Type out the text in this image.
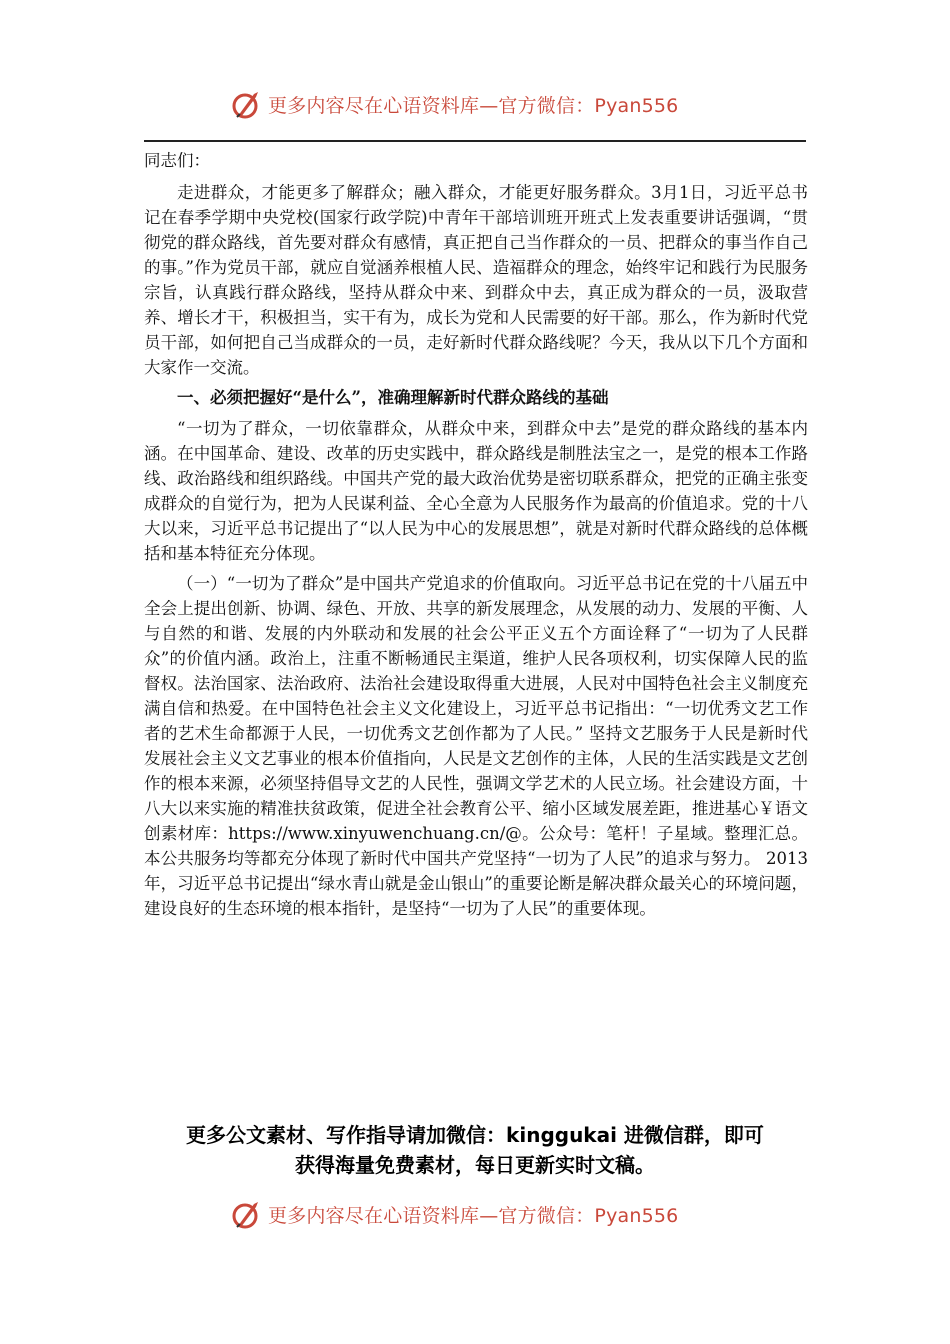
更多内容尽在心语资料库—官方微信：Pyan556

同志们：

走进群众，才能更多了解群众；融入群众，才能更好服务群众。3月1日，习近平总书记在春季学期中央党校(国家行政学院)中青年干部培训班开班式上发表重要讲话强调，“贯彻党的群众路线，首先要对群众有感情，真正把自己当作群众的一员、把群众的事当作自己的事。”作为党员干部，就应自觉涵养根植人民、造福群众的理念，始终牢记和践行为民服务宗旨，认真践行群众路线，坚持从群众中来、到群众中去，真正成为群众的一员，汲取营养、增长才干，积极担当，实干有为，成长为党和人民需要的好干部。那么，作为新时代党员干部，如何把自己当成群众的一员，走好新时代群众路线呢？今天，我从以下几个方面和大家作一交流。

一、必须把握好“是什么”，准确理解新时代群众路线的基础

“一切为了群众，一切依靠群众，从群众中来，到群众中去”是党的群众路线的基本内涵。在中国革命、建设、改革的历史实践中，群众路线是制胜法宝之一，是党的根本工作路线、政治路线和组织路线。中国共产党的最大政治优势是密切联系群众，把党的正确主张变成群众的自觉行为，把为人民谋利益、全心全意为人民服务作为最高的价值追求。党的十八大以来，习近平总书记提出了“以人民为中心的发展思想”，就是对新时代群众路线的总体概括和基本特征充分体现。

（一）“一切为了群众”是中国共产党追求的价值取向。习近平总书记在党的十八届五中全会上提出创新、协调、绿色、开放、共享的新发展理念，从发展的动力、发展的平衡、人与自然的和谐、发展的内外联动和发展的社会公平正义五个方面诠释了“一切为了人民群众”的价值内涵。政治上，注重不断畅通民主渠道，维护人民各项权利，切实保障人民的监督权。法治国家、法治政府、法治社会建设取得重大进展，人民对中国特色社会主义制度充满自信和热爱。在中国特色社会主义文化建设上，习近平总书记指出：“一切优秀文艺工作者的艺术生命都源于人民，一切优秀文艺创作都为了人民。” 坚持文艺服务于人民是新时代发展社会主义文艺事业的根本价值指向，人民是文艺创作的主体，人民的生活实践是文艺创作的根本来源，必须坚持倡导文艺的人民性，强调文学艺术的人民立场。社会建设方面，十八大以来实施的精准扶贫政策，促进全社会教育公平、缩小区域发展差距，推进基心￥语文创素材库：https://www.xinyuwenchuang.cn/@。公众号：笔杆！子星域。整理汇总。本公共服务均等都充分体现了新时代中国共产党坚持“一切为了人民”的追求与努力。 2013 年，习近平总书记提出“绿水青山就是金山银山”的重要论断是解决群众最关心的环境问题，建设良好的生态环境的根本指针，是坚持“一切为了人民”的重要体现。

更多公文素材、写作指导请加微信：kinggukai 进微信群，即可
获得海量免费素材，每日更新实时文稿。
更多内容尽在心语资料库—官方微信：Pyan556
